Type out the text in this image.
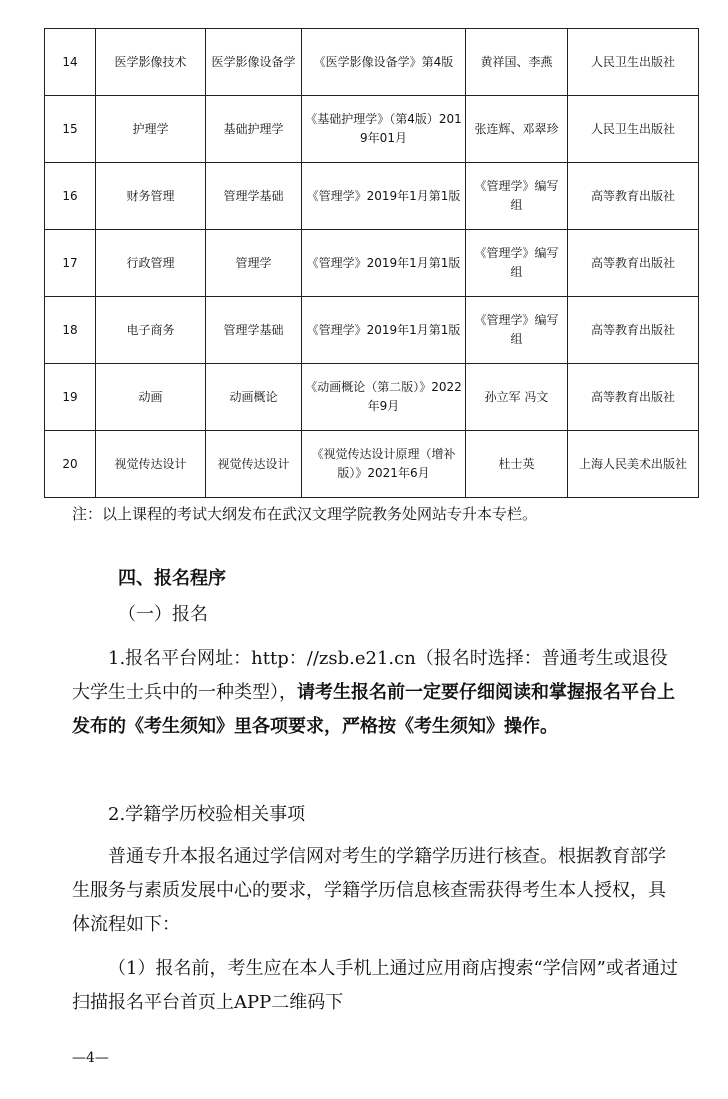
14	医学影像技术	医学影像设备学	《医学影像设备学》第4版	黄祥国、李燕	人民卫生出版社
15	护理学	基础护理学	《基础护理学》（第4版）2019年01月	张连辉、邓翠珍	人民卫生出版社
16	财务管理	管理学基础	《管理学》2019年1月第1版	《管理学》编写组	高等教育出版社
17	行政管理	管理学	《管理学》2019年1月第1版	《管理学》编写组	高等教育出版社
18	电子商务	管理学基础	《管理学》2019年1月第1版	《管理学》编写组	高等教育出版社
19	动画	动画概论	《动画概论（第二版）》2022年9月	孙立军 冯文	高等教育出版社
20	视觉传达设计	视觉传达设计	《视觉传达设计原理（增补版）》2021年6月	杜士英	上海人民美术出版社
注：以上课程的考试大纲发布在武汉文理学院教务处网站专升本专栏。
四、报名程序
（一）报名
1.报名平台网址：http：//zsb.e21.cn（报名时选择：普通考生或退役大学生士兵中的一种类型），请考生报名前一定要仔细阅读和掌握报名平台上发布的《考生须知》里各项要求，严格按《考生须知》操作。
2.学籍学历校验相关事项
普通专升本报名通过学信网对考生的学籍学历进行核查。根据教育部学生服务与素质发展中心的要求，学籍学历信息核查需获得考生本人授权，具体流程如下：
（1）报名前，考生应在本人手机上通过应用商店搜索“学信网”或者通过扫描报名平台首页上APP二维码下
—4—
